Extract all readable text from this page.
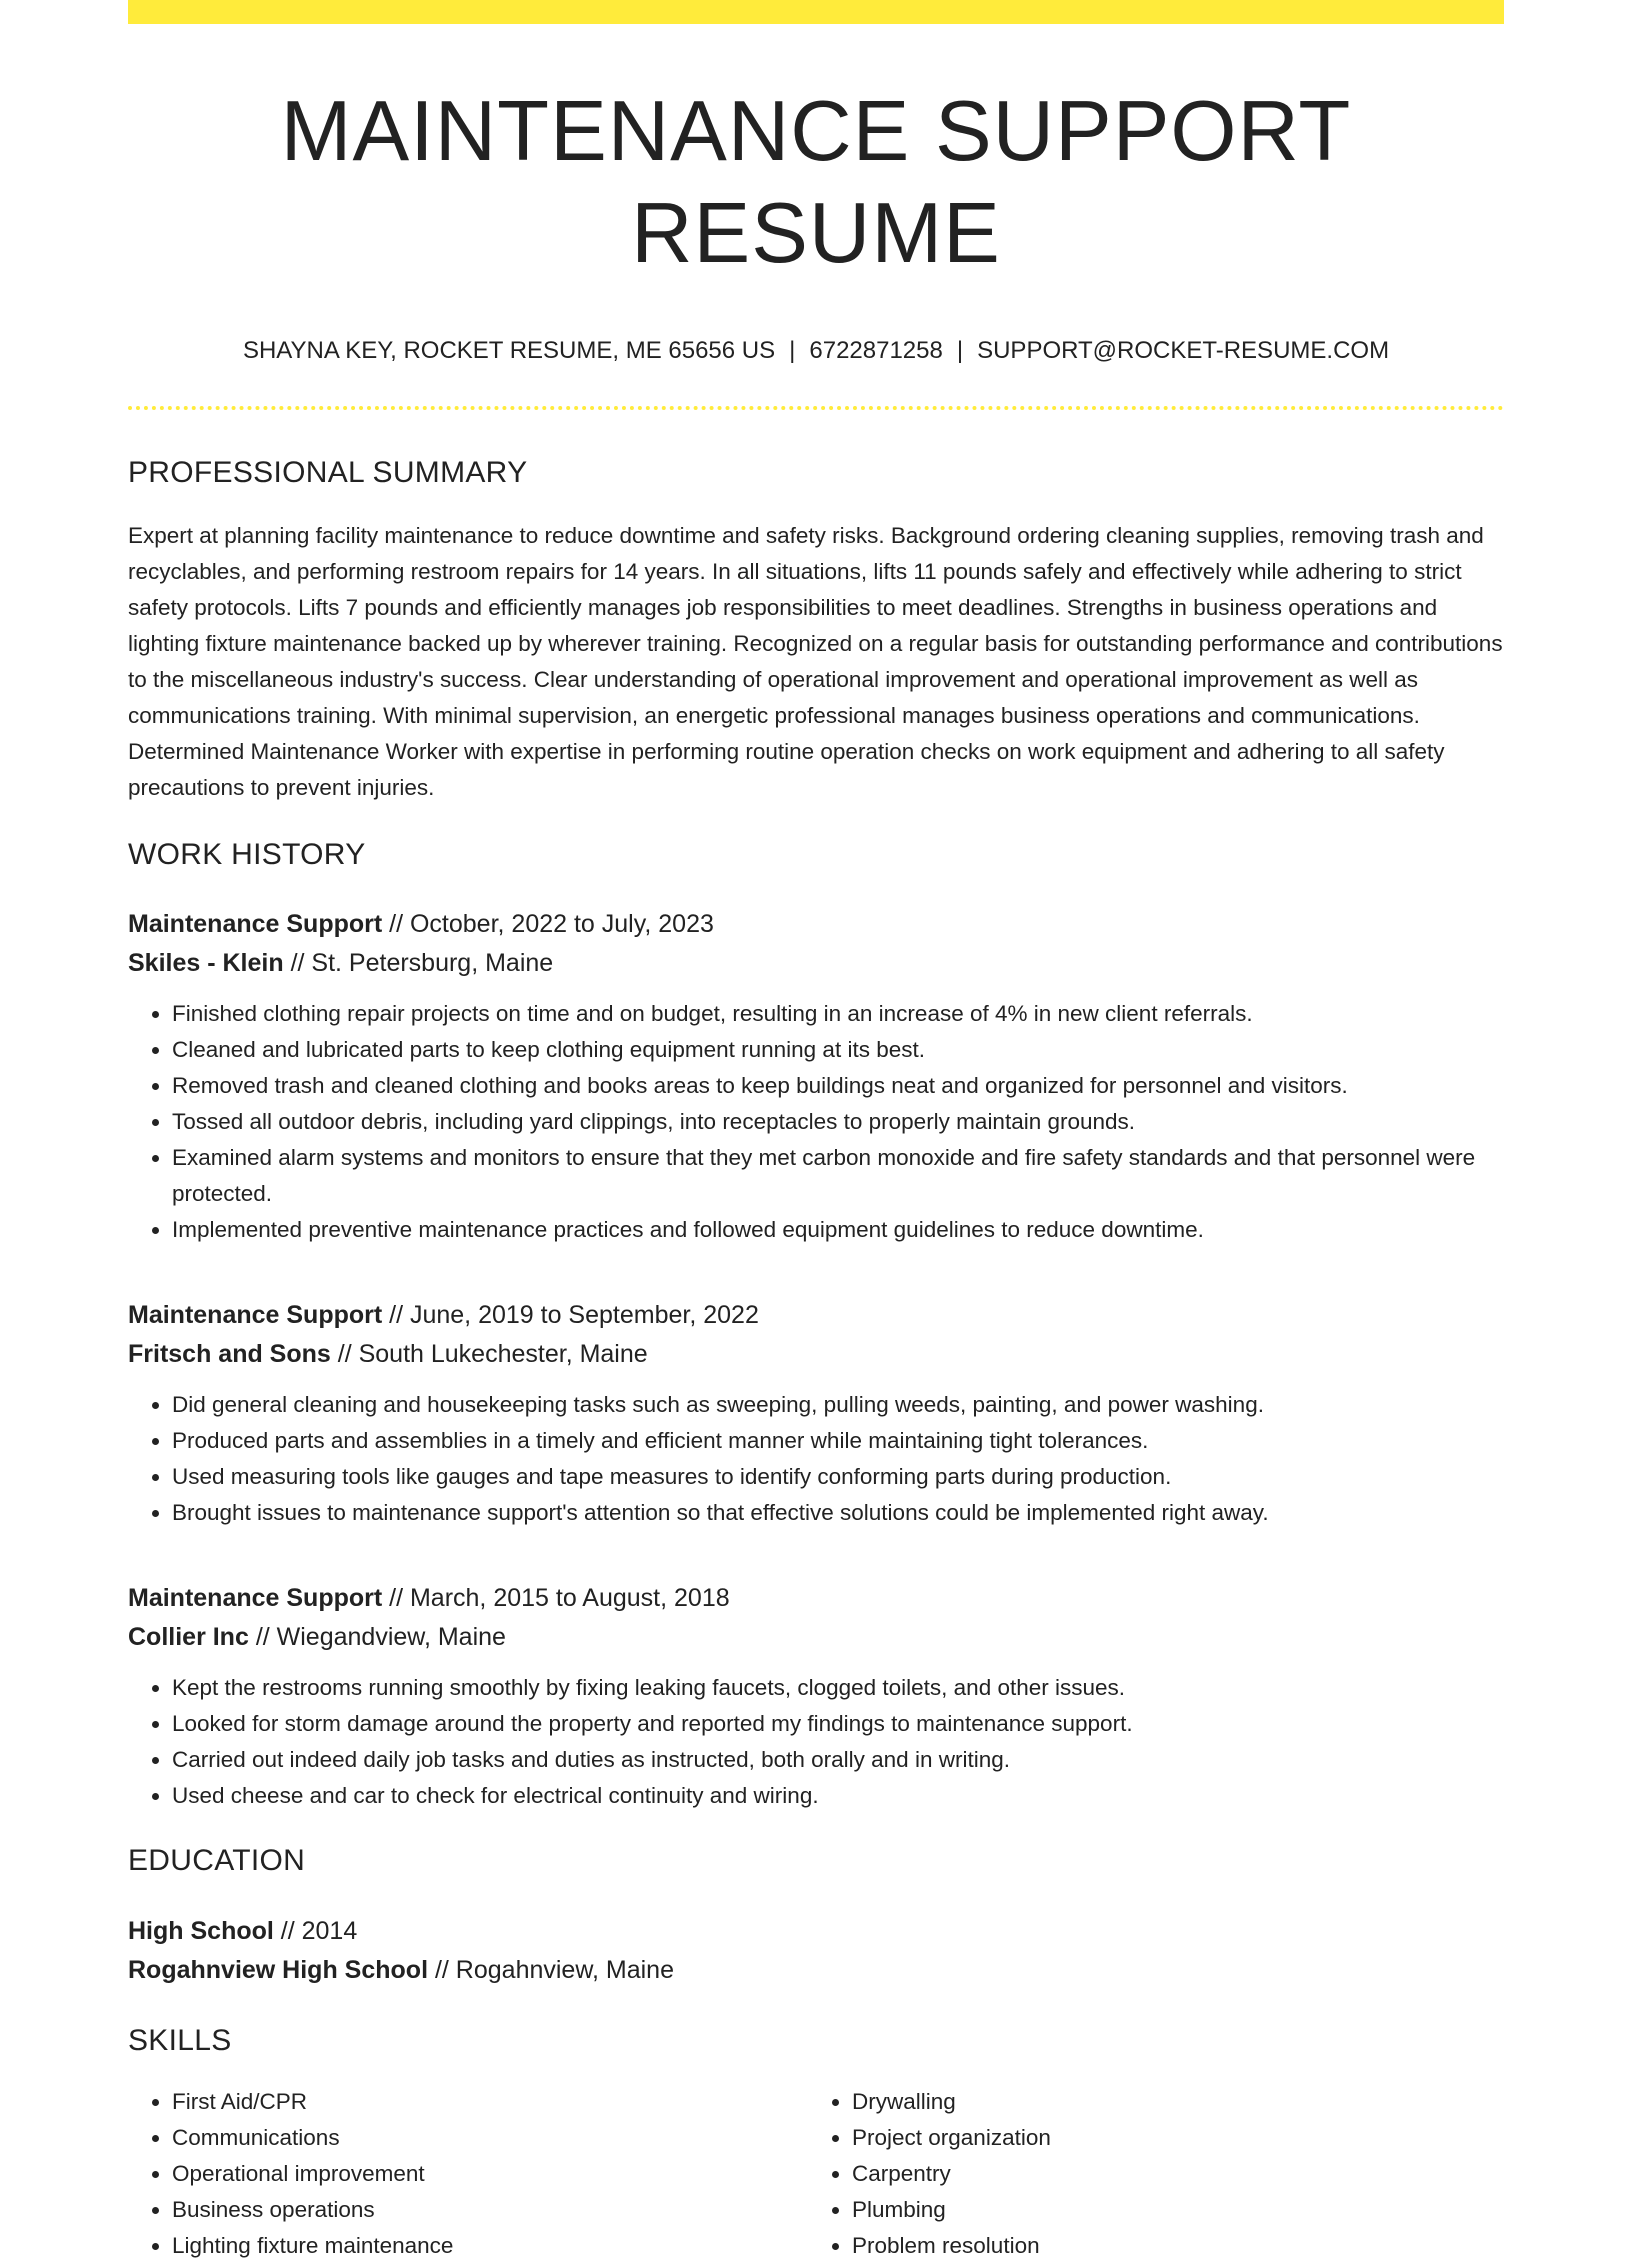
MAINTENANCE SUPPORT RESUME
SHAYNA KEY, ROCKET RESUME, ME 65656 US | 6722871258 | SUPPORT@ROCKET-RESUME.COM
PROFESSIONAL SUMMARY

Expert at planning facility maintenance to reduce downtime and safety risks. Background ordering cleaning supplies, removing trash and recyclables, and performing restroom repairs for 14 years. In all situations, lifts 11 pounds safely and effectively while adhering to strict safety protocols. Lifts 7 pounds and efficiently manages job responsibilities to meet deadlines. Strengths in business operations and lighting fixture maintenance backed up by wherever training. Recognized on a regular basis for outstanding performance and contributions to the miscellaneous industry's success. Clear understanding of operational improvement and operational improvement as well as communications training. With minimal supervision, an energetic professional manages business operations and communications. Determined Maintenance Worker with expertise in performing routine operation checks on work equipment and adhering to all safety precautions to prevent injuries.

WORK HISTORY
Maintenance Support // October, 2022 to July, 2023
Skiles - Klein // St. Petersburg, Maine
• Finished clothing repair projects on time and on budget, resulting in an increase of 4% in new client referrals.
• Cleaned and lubricated parts to keep clothing equipment running at its best.
• Removed trash and cleaned clothing and books areas to keep buildings neat and organized for personnel and visitors.
• Tossed all outdoor debris, including yard clippings, into receptacles to properly maintain grounds.
• Examined alarm systems and monitors to ensure that they met carbon monoxide and fire safety standards and that personnel were protected.
• Implemented preventive maintenance practices and followed equipment guidelines to reduce downtime.
Maintenance Support // June, 2019 to September, 2022
Fritsch and Sons // South Lukechester, Maine
• Did general cleaning and housekeeping tasks such as sweeping, pulling weeds, painting, and power washing.
• Produced parts and assemblies in a timely and efficient manner while maintaining tight tolerances.
• Used measuring tools like gauges and tape measures to identify conforming parts during production.
• Brought issues to maintenance support's attention so that effective solutions could be implemented right away.
Maintenance Support // March, 2015 to August, 2018
Collier Inc // Wiegandview, Maine
• Kept the restrooms running smoothly by fixing leaking faucets, clogged toilets, and other issues.
• Looked for storm damage around the property and reported my findings to maintenance support.
• Carried out indeed daily job tasks and duties as instructed, both orally and in writing.
• Used cheese and car to check for electrical continuity and wiring.
EDUCATION
High School // 2014
Rogahnview High School // Rogahnview, Maine
SKILLS
• First Aid/CPR
• Communications
• Operational improvement
• Business operations
• Lighting fixture maintenance
• Drywalling
• Project organization
• Carpentry
• Plumbing
• Problem resolution
